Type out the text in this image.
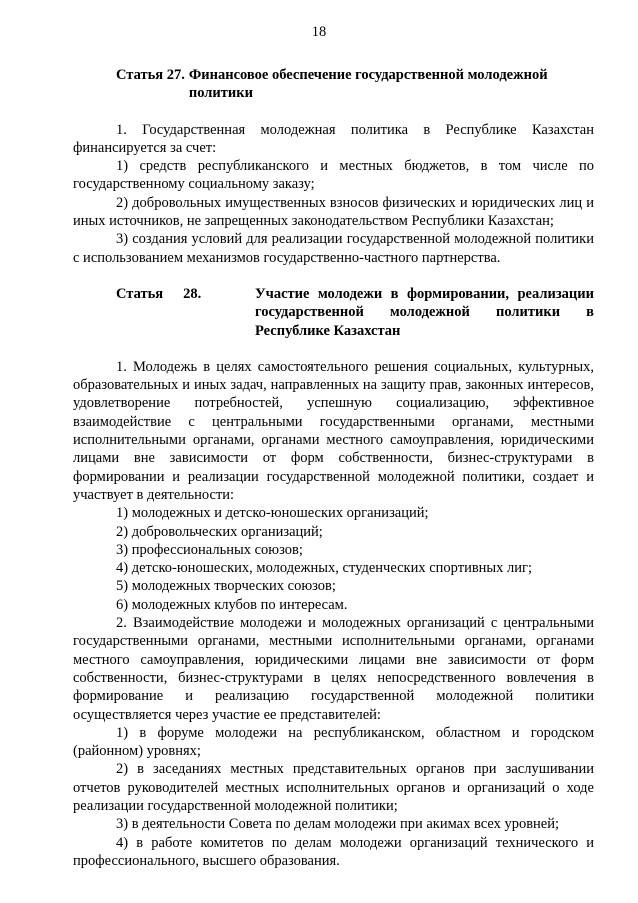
18
Статья 27. Финансовое обеспечение государственной молодежной политики

1. Государственная молодежная политика в Республике Казахстан финансируется за счет:

1) средств республиканского и местных бюджетов, в том числе по государственному социальному заказу;

2) добровольных имущественных взносов физических и юридических лиц и иных источников, не запрещенных законодательством Республики Казахстан;

3) создания условий для реализации государственной молодежной политики с использованием механизмов государственно-частного партнерства.

Статья 28.	Участие молодежи в формировании, реализации
государственной молодежной политики в
Республике Казахстан

1. Молодежь в целях самостоятельного решения социальных, культурных, образовательных и иных задач, направленных на защиту прав, законных интересов, удовлетворение потребностей, успешную социализацию, эффективное взаимодействие с центральными государственными органами, местными исполнительными органами, органами местного самоуправления, юридическими лицами вне зависимости от форм собственности, бизнес-структурами в формировании и реализации государственной молодежной политики, создает и участвует в деятельности:

1) молодежных и детско-юношеских организаций;

2) добровольческих организаций;

3) профессиональных союзов;

4) детско-юношеских, молодежных, студенческих спортивных лиг;

5) молодежных творческих союзов;

6) молодежных клубов по интересам.

2. Взаимодействие молодежи и молодежных организаций с центральными государственными органами, местными исполнительными органами, органами местного самоуправления, юридическими лицами вне зависимости от форм собственности, бизнес-структурами в целях непосредственного вовлечения в формирование и реализацию государственной молодежной политики осуществляется через участие ее представителей:

1) в форуме молодежи на республиканском, областном и городском (районном) уровнях;

2) в заседаниях местных представительных органов при заслушивании отчетов руководителей местных исполнительных органов и организаций о ходе реализации государственной молодежной политики;

3) в деятельности Совета по делам молодежи при акимах всех уровней;

4) в работе комитетов по делам молодежи организаций технического и профессионального, высшего образования.
